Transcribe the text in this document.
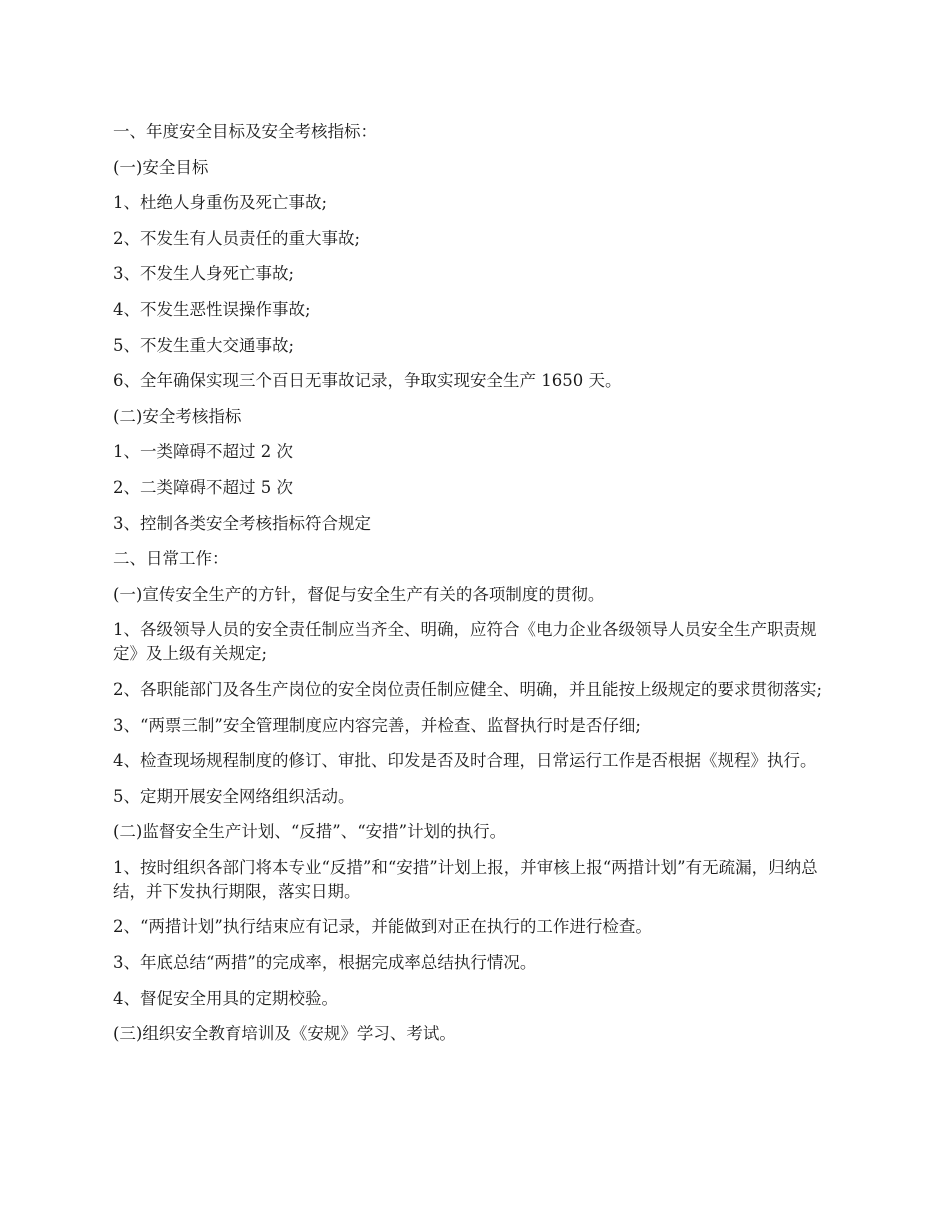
一、年度安全目标及安全考核指标：

(一)安全目标

1、杜绝人身重伤及死亡事故;

2、不发生有人员责任的重大事故;

3、不发生人身死亡事故;

4、不发生恶性误操作事故;

5、不发生重大交通事故;

6、全年确保实现三个百日无事故记录，争取实现安全生产 1650 天。

(二)安全考核指标

1、一类障碍不超过 2 次

2、二类障碍不超过 5 次

3、控制各类安全考核指标符合规定

二、日常工作：

(一)宣传安全生产的方针，督促与安全生产有关的各项制度的贯彻。

1、各级领导人员的安全责任制应当齐全、明确，应符合《电力企业各级领导人员安全生产职责规定》及上级有关规定;

2、各职能部门及各生产岗位的安全岗位责任制应健全、明确，并且能按上级规定的要求贯彻落实;

3、“两票三制”安全管理制度应内容完善，并检查、监督执行时是否仔细;

4、检查现场规程制度的修订、审批、印发是否及时合理，日常运行工作是否根据《规程》执行。

5、定期开展安全网络组织活动。

(二)监督安全生产计划、“反措”、“安措”计划的执行。

1、按时组织各部门将本专业“反措”和“安措”计划上报，并审核上报“两措计划”有无疏漏，归纳总结，并下发执行期限，落实日期。

2、“两措计划”执行结束应有记录，并能做到对正在执行的工作进行检查。

3、年底总结“两措”的完成率，根据完成率总结执行情况。

4、督促安全用具的定期校验。

(三)组织安全教育培训及《安规》学习、考试。
